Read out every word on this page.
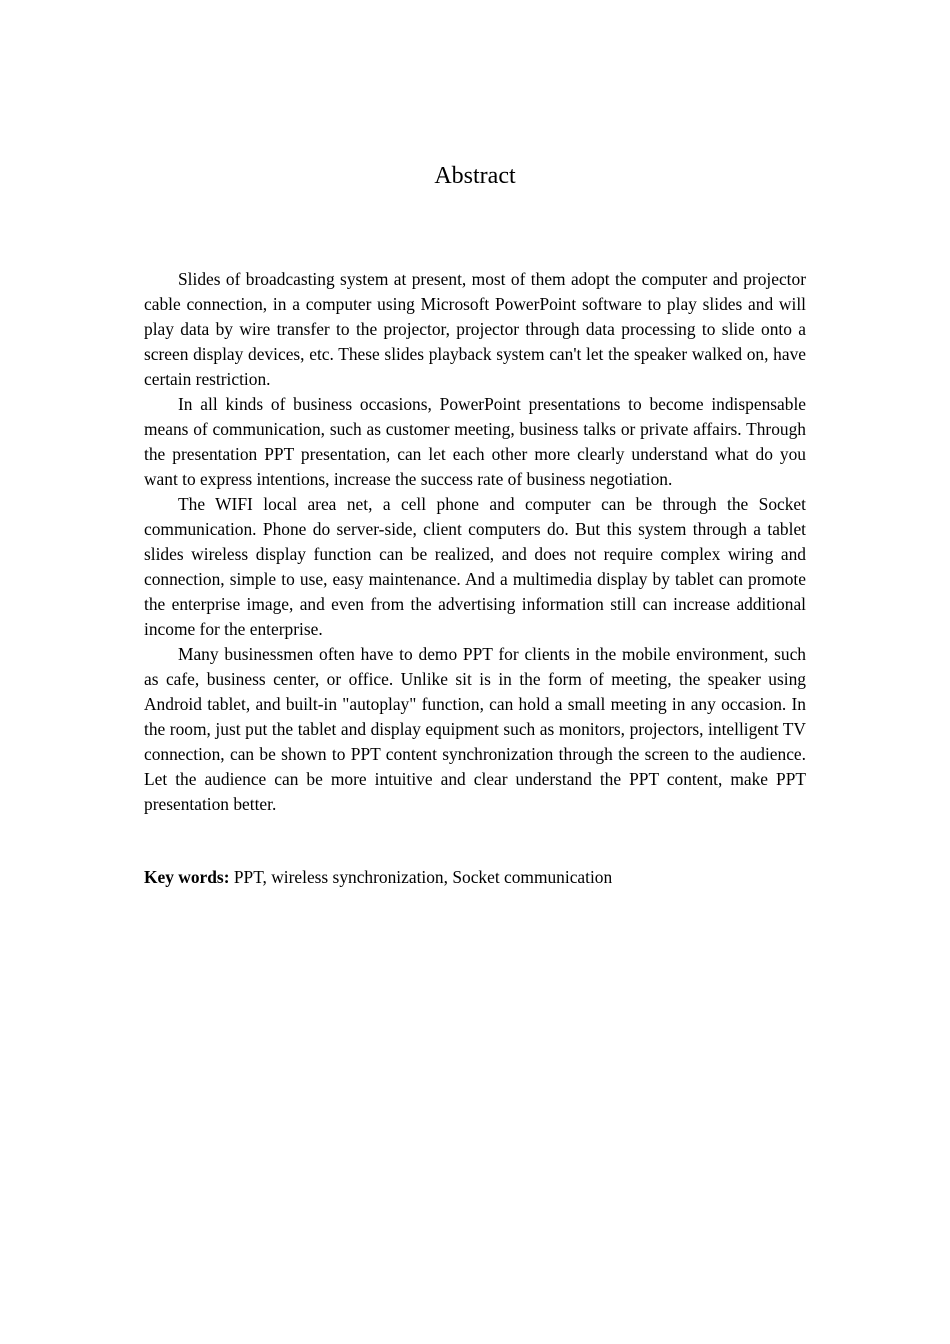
Abstract

Slides of broadcasting system at present, most of them adopt the computer and projector cable connection, in a computer using Microsoft PowerPoint software to play slides and will play data by wire transfer to the projector, projector through data processing to slide onto a screen display devices, etc. These slides playback system can't let the speaker walked on, have certain restriction.

In all kinds of business occasions, PowerPoint presentations to become indispensable means of communication, such as customer meeting, business talks or private affairs. Through the presentation PPT presentation, can let each other more clearly understand what do you want to express intentions, increase the success rate of business negotiation.

The WIFI local area net, a cell phone and computer can be through the Socket communication. Phone do server-side, client computers do. But this system through a tablet slides wireless display function can be realized, and does not require complex wiring and connection, simple to use, easy maintenance. And a multimedia display by tablet can promote the enterprise image, and even from the advertising information still can increase additional income for the enterprise.

Many businessmen often have to demo PPT for clients in the mobile environment, such as cafe, business center, or office. Unlike sit is in the form of meeting, the speaker using Android tablet, and built-in "autoplay" function, can hold a small meeting in any occasion. In the room, just put the tablet and display equipment such as monitors, projectors, intelligent TV connection, can be shown to PPT content synchronization through the screen to the audience. Let the audience can be more intuitive and clear understand the PPT content, make PPT presentation better.

Key words: PPT, wireless synchronization, Socket communication
